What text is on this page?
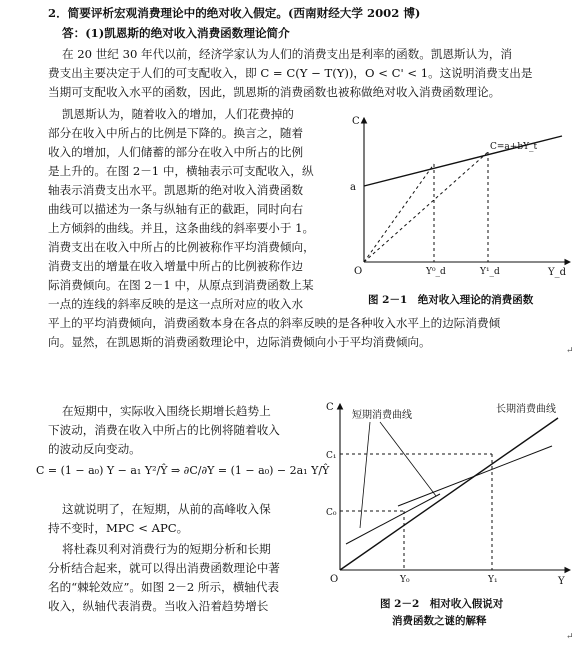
2．简要评析宏观消费理论中的绝对收入假定。(西南财经大学 2002 博)
答：(1)凯恩斯的绝对收入消费函数理论简介
在 20 世纪 30 年代以前，经济学家认为人们的消费支出是利率的函数。凯恩斯认为，消
费支出主要决定于人们的可支配收入，即 C = C(Y − T(Y))，O < C' < 1。这说明消费支出是
当期可支配收入水平的函数，因此，凯恩斯的消费函数也被称做绝对收入消费函数理论。
凯恩斯认为，随着收入的增加，人们花费掉的
部分在收入中所占的比例是下降的。换言之，随着
收入的增加，人们储蓄的部分在收入中所占的比例
是上升的。在图 2－1 中，横轴表示可支配收入，纵
轴表示消费支出水平。凯恩斯的绝对收入消费函数
曲线可以描述为一条与纵轴有正的截距，同时向右
上方倾斜的曲线。并且，这条曲线的斜率要小于 1。
消费支出在收入中所占的比例被称作平均消费倾向，
消费支出的增量在收入增量中所占的比例被称作边
际消费倾向。在图 2－1 中，从原点到消费函数上某
一点的连线的斜率反映的是这一点所对应的收入水
平上的平均消费倾向，消费函数本身在各点的斜率反映的是各种收入水平上的边际消费倾
向。显然，在凯恩斯的消费函数理论中，边际消费倾向小于平均消费倾向。
C
a
O
C=a+bY_t
Y⁰_d	Y¹_d	Y_d
图 2－1　绝对收入理论的消费函数
↵
在短期中，实际收入围绕长期增长趋势上
下波动，消费在收入中所占的比例将随着收入
的波动反向变动。
C = (1 − a₀) Y − a₁ Y²/Ŷ ⇒ ∂C/∂Y = (1 − a₀) − 2a₁ Y/Ŷ
这就说明了，在短期，从前的高峰收入保
持不变时，MPC < APC。
将杜森贝利对消费行为的短期分析和长期
分析结合起来，就可以得出消费函数理论中著
名的“棘轮效应”。如图 2－2 所示，横轴代表
收入，纵轴代表消费。当收入沿着趋势增长
C
短期消费曲线
长期消费曲线
C₁
C₀
O	Y₀	Y₁	Y
图 2－2　相对收入假说对
消费函数之谜的解释
↵
